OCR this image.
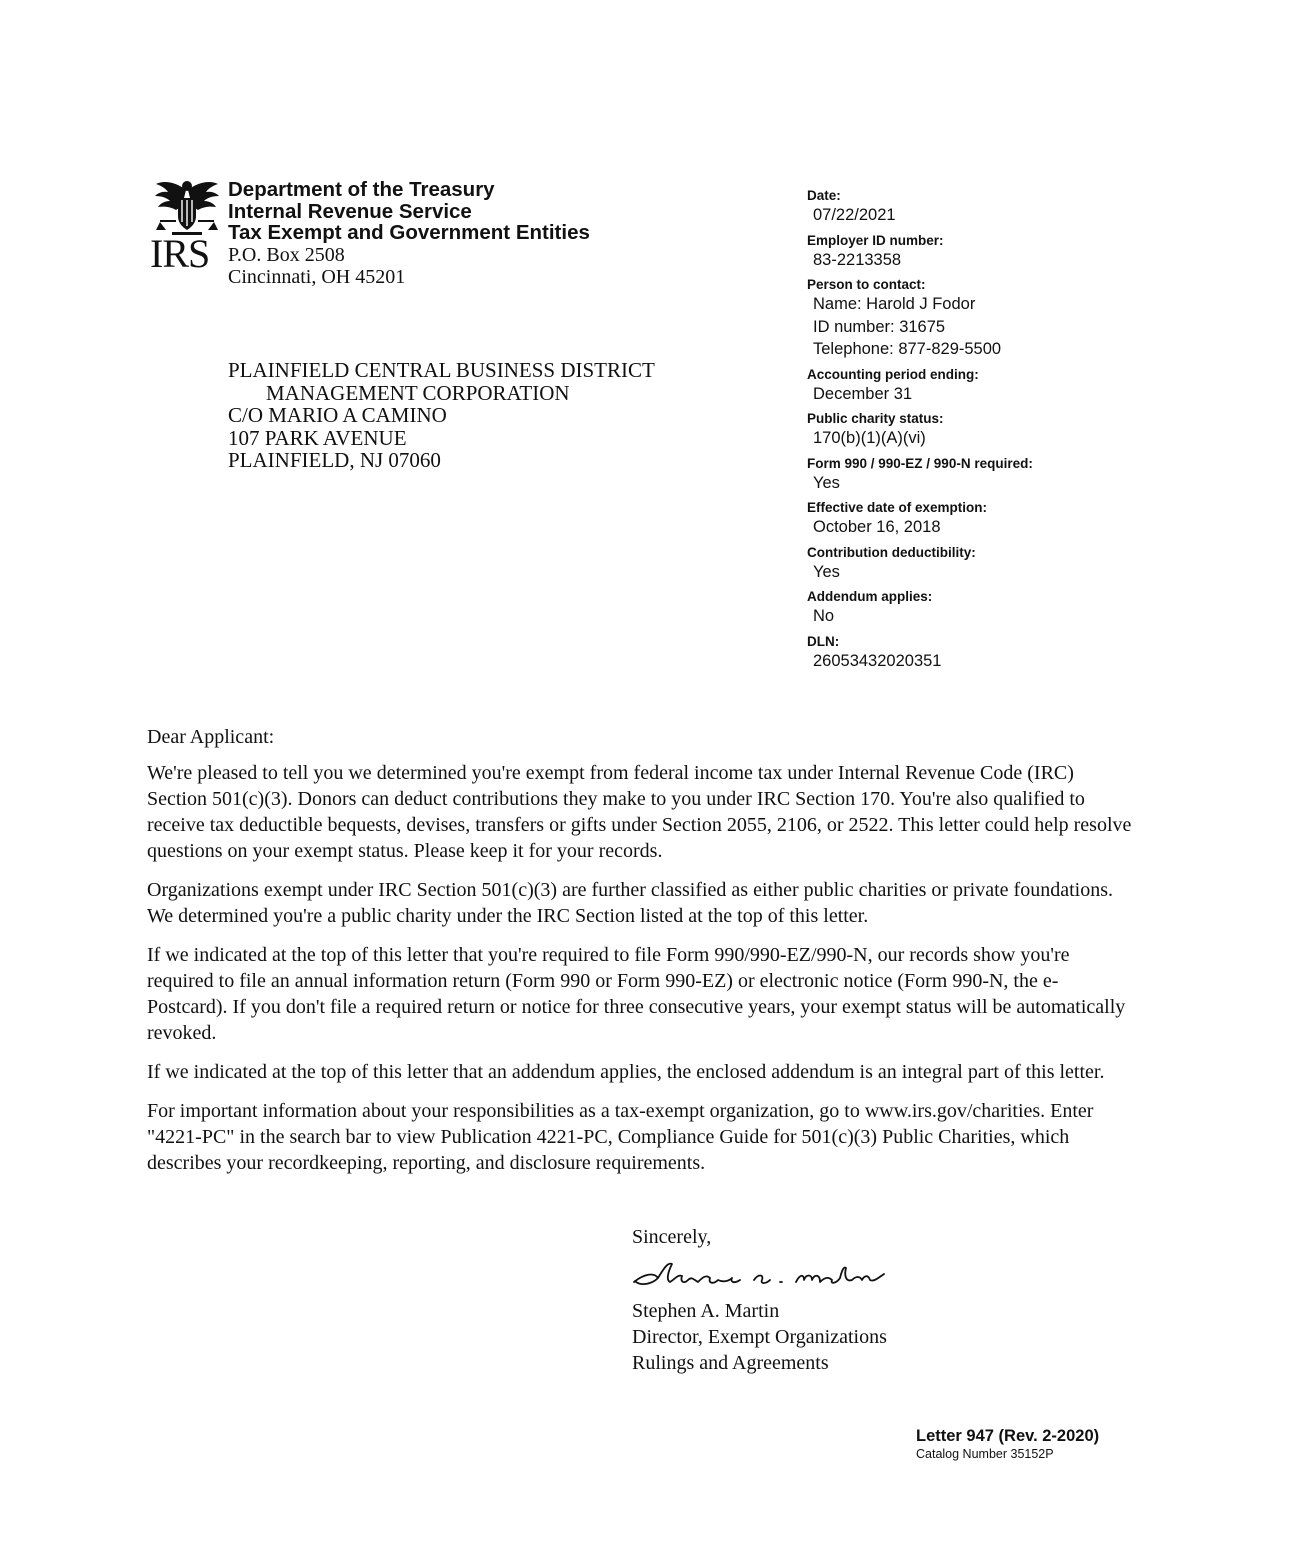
IRS
Department of the Treasury
Internal Revenue Service
Tax Exempt and Government Entities
P.O. Box 2508
Cincinnati, OH 45201
PLAINFIELD CENTRAL BUSINESS DISTRICT
MANAGEMENT CORPORATION
C/O MARIO A CAMINO
107 PARK AVENUE
PLAINFIELD, NJ 07060
Date:
07/22/2021
Employer ID number:
83-2213358
Person to contact:
Name: Harold J Fodor
ID number: 31675
Telephone: 877-829-5500
Accounting period ending:
December 31
Public charity status:
170(b)(1)(A)(vi)
Form 990 / 990-EZ / 990-N required:
Yes
Effective date of exemption:
October 16, 2018
Contribution deductibility:
Yes
Addendum applies:
No
DLN:
26053432020351

Dear Applicant:

We're pleased to tell you we determined you're exempt from federal income tax under Internal Revenue Code (IRC) Section 501(c)(3). Donors can deduct contributions they make to you under IRC Section 170. You're also qualified to receive tax deductible bequests, devises, transfers or gifts under Section 2055, 2106, or 2522. This letter could help resolve questions on your exempt status. Please keep it for your records.

Organizations exempt under IRC Section 501(c)(3) are further classified as either public charities or private foundations. We determined you're a public charity under the IRC Section listed at the top of this letter.

If we indicated at the top of this letter that you're required to file Form 990/990-EZ/990-N, our records show you're required to file an annual information return (Form 990 or Form 990-EZ) or electronic notice (Form 990-N, the e-Postcard). If you don't file a required return or notice for three consecutive years, your exempt status will be automatically revoked.

If we indicated at the top of this letter that an addendum applies, the enclosed addendum is an integral part of this letter.

For important information about your responsibilities as a tax-exempt organization, go to www.irs.gov/charities. Enter "4221-PC" in the search bar to view Publication 4221-PC, Compliance Guide for 501(c)(3) Public Charities, which describes your recordkeeping, reporting, and disclosure requirements.

Sincerely,
Stephen A. Martin
Director, Exempt Organizations
Rulings and Agreements
Letter 947 (Rev. 2-2020)
Catalog Number 35152P
